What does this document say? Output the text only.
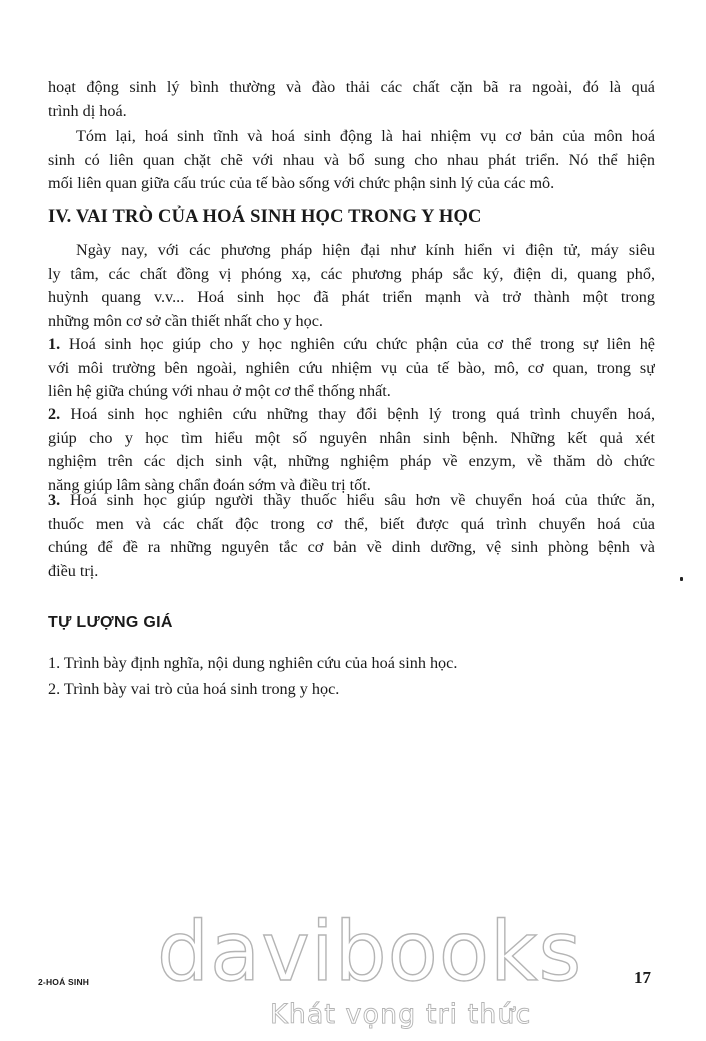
hoạt động sinh lý bình thường và đào thải các chất cặn bã ra ngoài, đó là quá
trình dị hoá.

Tóm lại, hoá sinh tĩnh và hoá sinh động là hai nhiệm vụ cơ bản của môn hoá
sinh có liên quan chặt chẽ với nhau và bổ sung cho nhau phát triển. Nó thể hiện
mối liên quan giữa cấu trúc của tế bào sống với chức phận sinh lý của các mô.

IV. VAI TRÒ CỦA HOÁ SINH HỌC TRONG Y HỌC

Ngày nay, với các phương pháp hiện đại như kính hiển vi điện tử, máy siêu
ly tâm, các chất đồng vị phóng xạ, các phương pháp sắc ký, điện di, quang phổ,
huỳnh quang v.v... Hoá sinh học đã phát triển mạnh và trở thành một trong
những môn cơ sở cần thiết nhất cho y học.

1. Hoá sinh học giúp cho y học nghiên cứu chức phận của cơ thể trong sự liên hệ
với môi trường bên ngoài, nghiên cứu nhiệm vụ của tế bào, mô, cơ quan, trong sự
liên hệ giữa chúng với nhau ở một cơ thể thống nhất.

2. Hoá sinh học nghiên cứu những thay đổi bệnh lý trong quá trình chuyển hoá,
giúp cho y học tìm hiểu một số nguyên nhân sinh bệnh. Những kết quả xét
nghiệm trên các dịch sinh vật, những nghiệm pháp về enzym, về thăm dò chức
năng giúp lâm sàng chẩn đoán sớm và điều trị tốt.

3. Hoá sinh học giúp người thầy thuốc hiểu sâu hơn về chuyển hoá của thức ăn,
thuốc men và các chất độc trong cơ thể, biết được quá trình chuyển hoá của
chúng để đề ra những nguyên tắc cơ bản về dinh dưỡng, vệ sinh phòng bệnh và
điều trị.

TỰ LƯỢNG GIÁ
1. Trình bày định nghĩa, nội dung nghiên cứu của hoá sinh học.
2. Trình bày vai trò của hoá sinh trong y học.

davibooks

Khát vọng tri thức

2-HOÁ SINH	17
